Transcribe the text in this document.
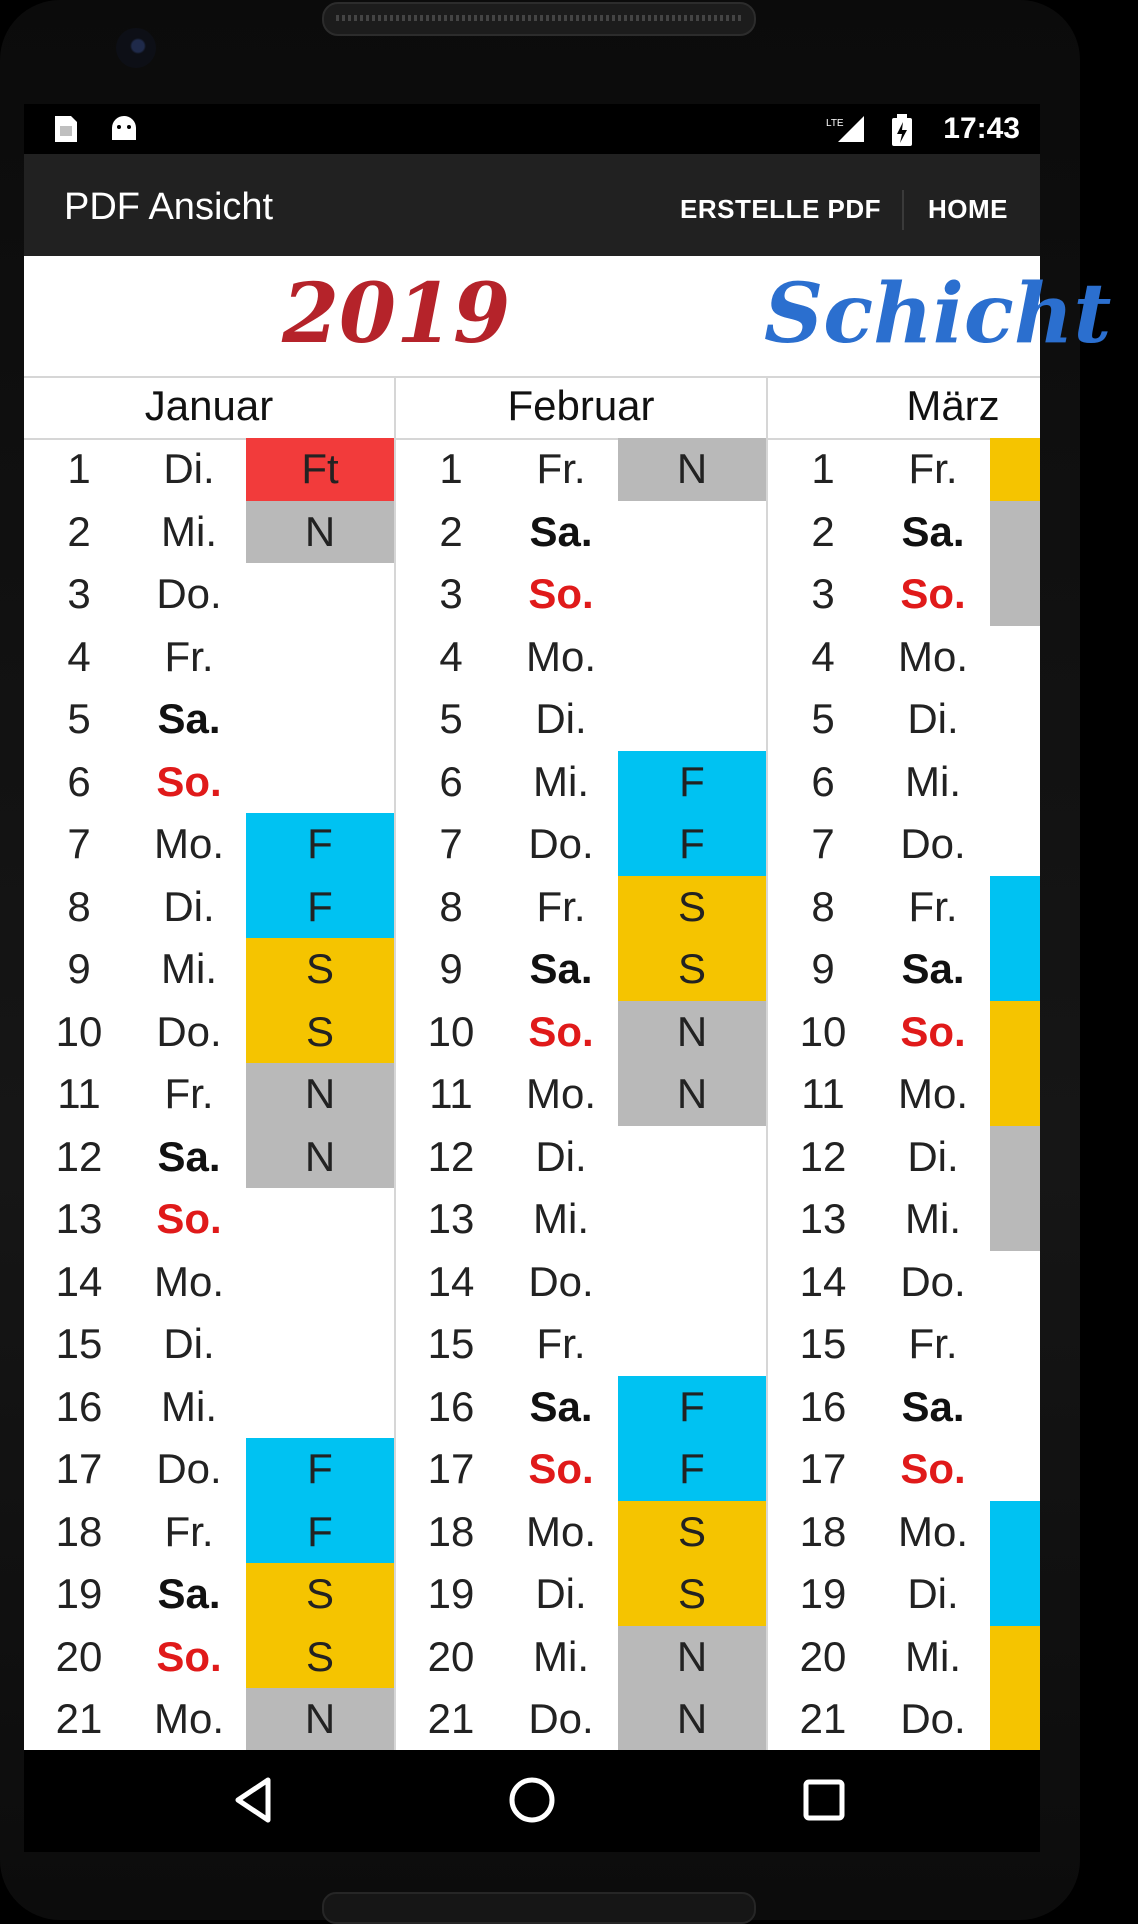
LTE	17:43
PDF Ansicht	ERSTELLE PDF HOME
2019	Schicht
Januar	Februar	März
1	Di.	Ft
2	Mi.	N
3	Do.
4	Fr.
5	Sa.
6	So.
7	Mo.	F
8	Di.	F
9	Mi.	S
10	Do.	S
11	Fr.	N
12	Sa.	N
13	So.
14	Mo.
15	Di.
16	Mi.
17	Do.	F
18	Fr.	F
19	Sa.	S
20	So.	S
21	Mo.	N
1	Fr.	N
2	Sa.
3	So.
4	Mo.
5	Di.
6	Mi.	F
7	Do.	F
8	Fr.	S
9	Sa.	S
10	So.	N
11	Mo.	N
12	Di.
13	Mi.
14	Do.
15	Fr.
16	Sa.	F
17	So.	F
18	Mo.	S
19	Di.	S
20	Mi.	N
21	Do.	N
1	Fr.
2	Sa.
3	So.
4	Mo.
5	Di.
6	Mi.
7	Do.
8	Fr.
9	Sa.
10	So.
11	Mo.
12	Di.
13	Mi.
14	Do.
15	Fr.
16	Sa.
17	So.
18	Mo.
19	Di.
20	Mi.
21	Do.
